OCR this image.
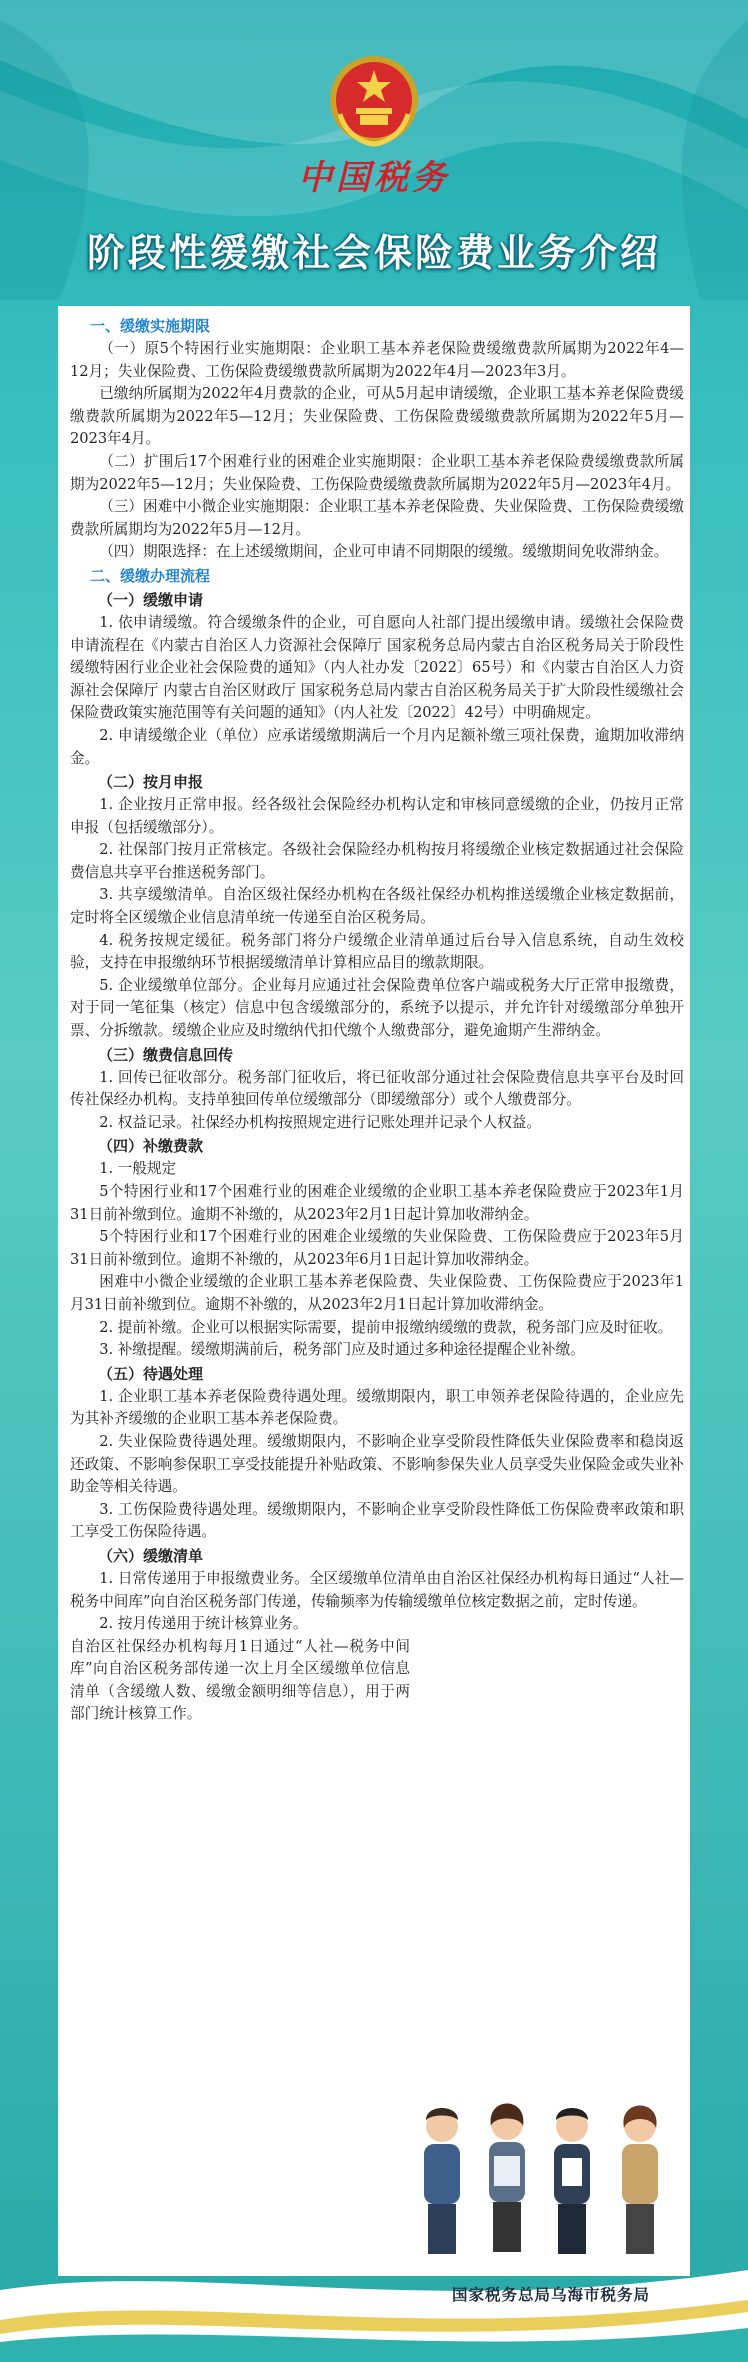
中国税务
阶段性缓缴社会保险费业务介绍
一、缓缴实施期限

（一）原5个特困行业实施期限：企业职工基本养老保险费缓缴费款所属期为2022年4—12月；失业保险费、工伤保险费缓缴费款所属期为2022年4月—2023年3月。

已缴纳所属期为2022年4月费款的企业，可从5月起申请缓缴，企业职工基本养老保险费缓缴费款所属期为2022年5—12月；失业保险费、工伤保险费缓缴费款所属期为2022年5月—2023年4月。

（二）扩围后17个困难行业的困难企业实施期限：企业职工基本养老保险费缓缴费款所属期为2022年5—12月；失业保险费、工伤保险费缓缴费款所属期为2022年5月—2023年4月。

（三）困难中小微企业实施期限：企业职工基本养老保险费、失业保险费、工伤保险费缓缴费款所属期均为2022年5月—12月。

（四）期限选择：在上述缓缴期间，企业可申请不同期限的缓缴。缓缴期间免收滞纳金。

二、缓缴办理流程
（一）缓缴申请

1. 依申请缓缴。符合缓缴条件的企业，可自愿向人社部门提出缓缴申请。缓缴社会保险费申请流程在《内蒙古自治区人力资源社会保障厅 国家税务总局内蒙古自治区税务局关于阶段性缓缴特困行业企业社会保险费的通知》（内人社办发〔2022〕65号）和《内蒙古自治区人力资源社会保障厅 内蒙古自治区财政厅 国家税务总局内蒙古自治区税务局关于扩大阶段性缓缴社会保险费政策实施范围等有关问题的通知》（内人社发〔2022〕42号）中明确规定。

2. 申请缓缴企业（单位）应承诺缓缴期满后一个月内足额补缴三项社保费，逾期加收滞纳金。

（二）按月申报

1. 企业按月正常申报。经各级社会保险经办机构认定和审核同意缓缴的企业，仍按月正常申报（包括缓缴部分）。

2. 社保部门按月正常核定。各级社会保险经办机构按月将缓缴企业核定数据通过社会保险费信息共享平台推送税务部门。

3. 共享缓缴清单。自治区级社保经办机构在各级社保经办机构推送缓缴企业核定数据前，定时将全区缓缴企业信息清单统一传递至自治区税务局。

4. 税务按规定缓征。税务部门将分户缓缴企业清单通过后台导入信息系统，自动生效校验，支持在申报缴纳环节根据缓缴清单计算相应品目的缴款期限。

5. 企业缓缴单位部分。企业每月应通过社会保险费单位客户端或税务大厅正常申报缴费，对于同一笔征集（核定）信息中包含缓缴部分的，系统予以提示，并允许针对缓缴部分单独开票、分拆缴款。缓缴企业应及时缴纳代扣代缴个人缴费部分，避免逾期产生滞纳金。

（三）缴费信息回传

1. 回传已征收部分。税务部门征收后，将已征收部分通过社会保险费信息共享平台及时回传社保经办机构。支持单独回传单位缓缴部分（即缓缴部分）或个人缴费部分。

2. 权益记录。社保经办机构按照规定进行记账处理并记录个人权益。

（四）补缴费款

1. 一般规定

5个特困行业和17个困难行业的困难企业缓缴的企业职工基本养老保险费应于2023年1月31日前补缴到位。逾期不补缴的，从2023年2月1日起计算加收滞纳金。

5个特困行业和17个困难行业的困难企业缓缴的失业保险费、工伤保险费应于2023年5月31日前补缴到位。逾期不补缴的，从2023年6月1日起计算加收滞纳金。

困难中小微企业缓缴的企业职工基本养老保险费、失业保险费、工伤保险费应于2023年1月31日前补缴到位。逾期不补缴的，从2023年2月1日起计算加收滞纳金。

2. 提前补缴。企业可以根据实际需要，提前申报缴纳缓缴的费款，税务部门应及时征收。

3. 补缴提醒。缓缴期满前后，税务部门应及时通过多种途径提醒企业补缴。

（五）待遇处理

1. 企业职工基本养老保险费待遇处理。缓缴期限内，职工申领养老保险待遇的，企业应先为其补齐缓缴的企业职工基本养老保险费。

2. 失业保险费待遇处理。缓缴期限内，不影响企业享受阶段性降低失业保险费率和稳岗返还政策、不影响参保职工享受技能提升补贴政策、不影响参保失业人员享受失业保险金或失业补助金等相关待遇。

3. 工伤保险费待遇处理。缓缴期限内，不影响企业享受阶段性降低工伤保险费率政策和职工享受工伤保险待遇。

（六）缓缴清单

1. 日常传递用于申报缴费业务。全区缓缴单位清单由自治区社保经办机构每日通过“人社—税务中间库”向自治区税务部门传递，传输频率为传输缓缴单位核定数据之前，定时传递。

2. 按月传递用于统计核算业务。

自治区社保经办机构每月1日通过“人社—税务中间库”向自治区税务部传递一次上月全区缓缴单位信息清单（含缓缴人数、缓缴金额明细等信息），用于两部门统计核算工作。

国家税务总局乌海市税务局
